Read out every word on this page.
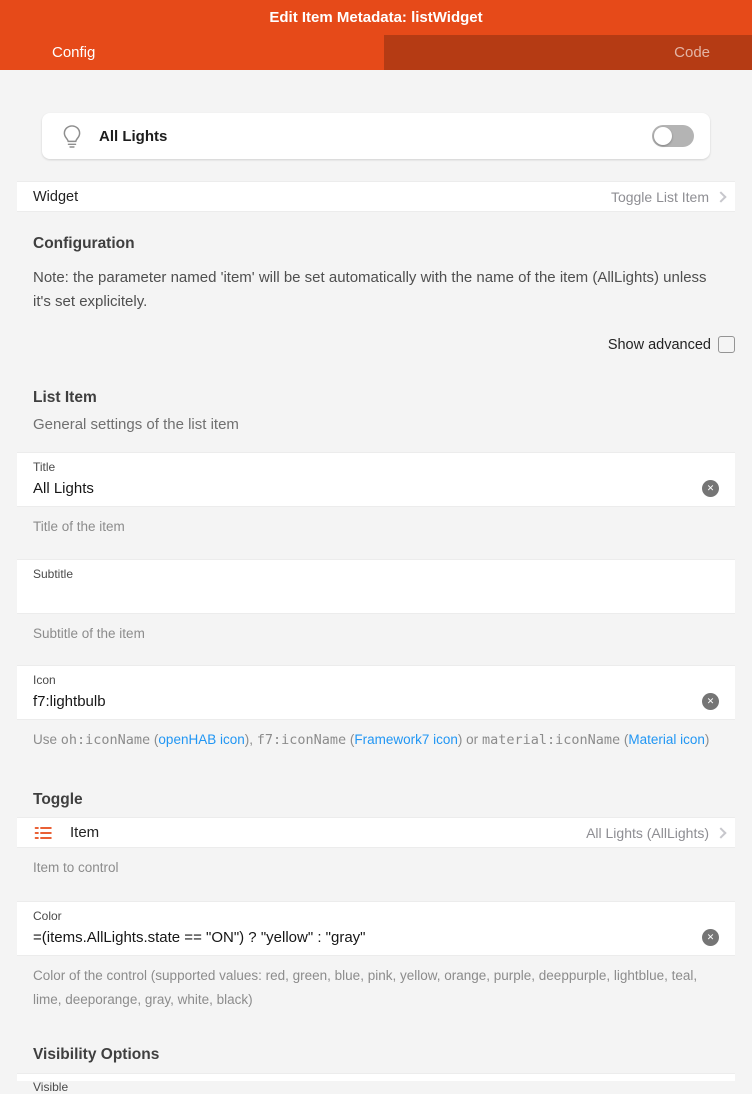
Edit Item Metadata: listWidget
Config	Code
All Lights
Widget	Toggle List Item
Configuration

Note: the parameter named 'item' will be set automatically with the name of the item (AllLights) unless it's set explicitely.

Show advanced
List Item
General settings of the list item
Title
All Lights	✕
Title of the item
Subtitle
Subtitle of the item
Icon
f7:lightbulb	✕
Use oh:iconName (openHAB icon), f7:iconName (Framework7 icon) or material:iconName (Material icon)
Toggle
Item	All Lights (AllLights)
Item to control
Color
=(items.AllLights.state == "ON") ? "yellow" : "gray"	✕
Color of the control (supported values: red, green, blue, pink, yellow, orange, purple, deeppurple, lightblue, teal, lime, deeporange, gray, white, black)
Visibility Options
Visible
